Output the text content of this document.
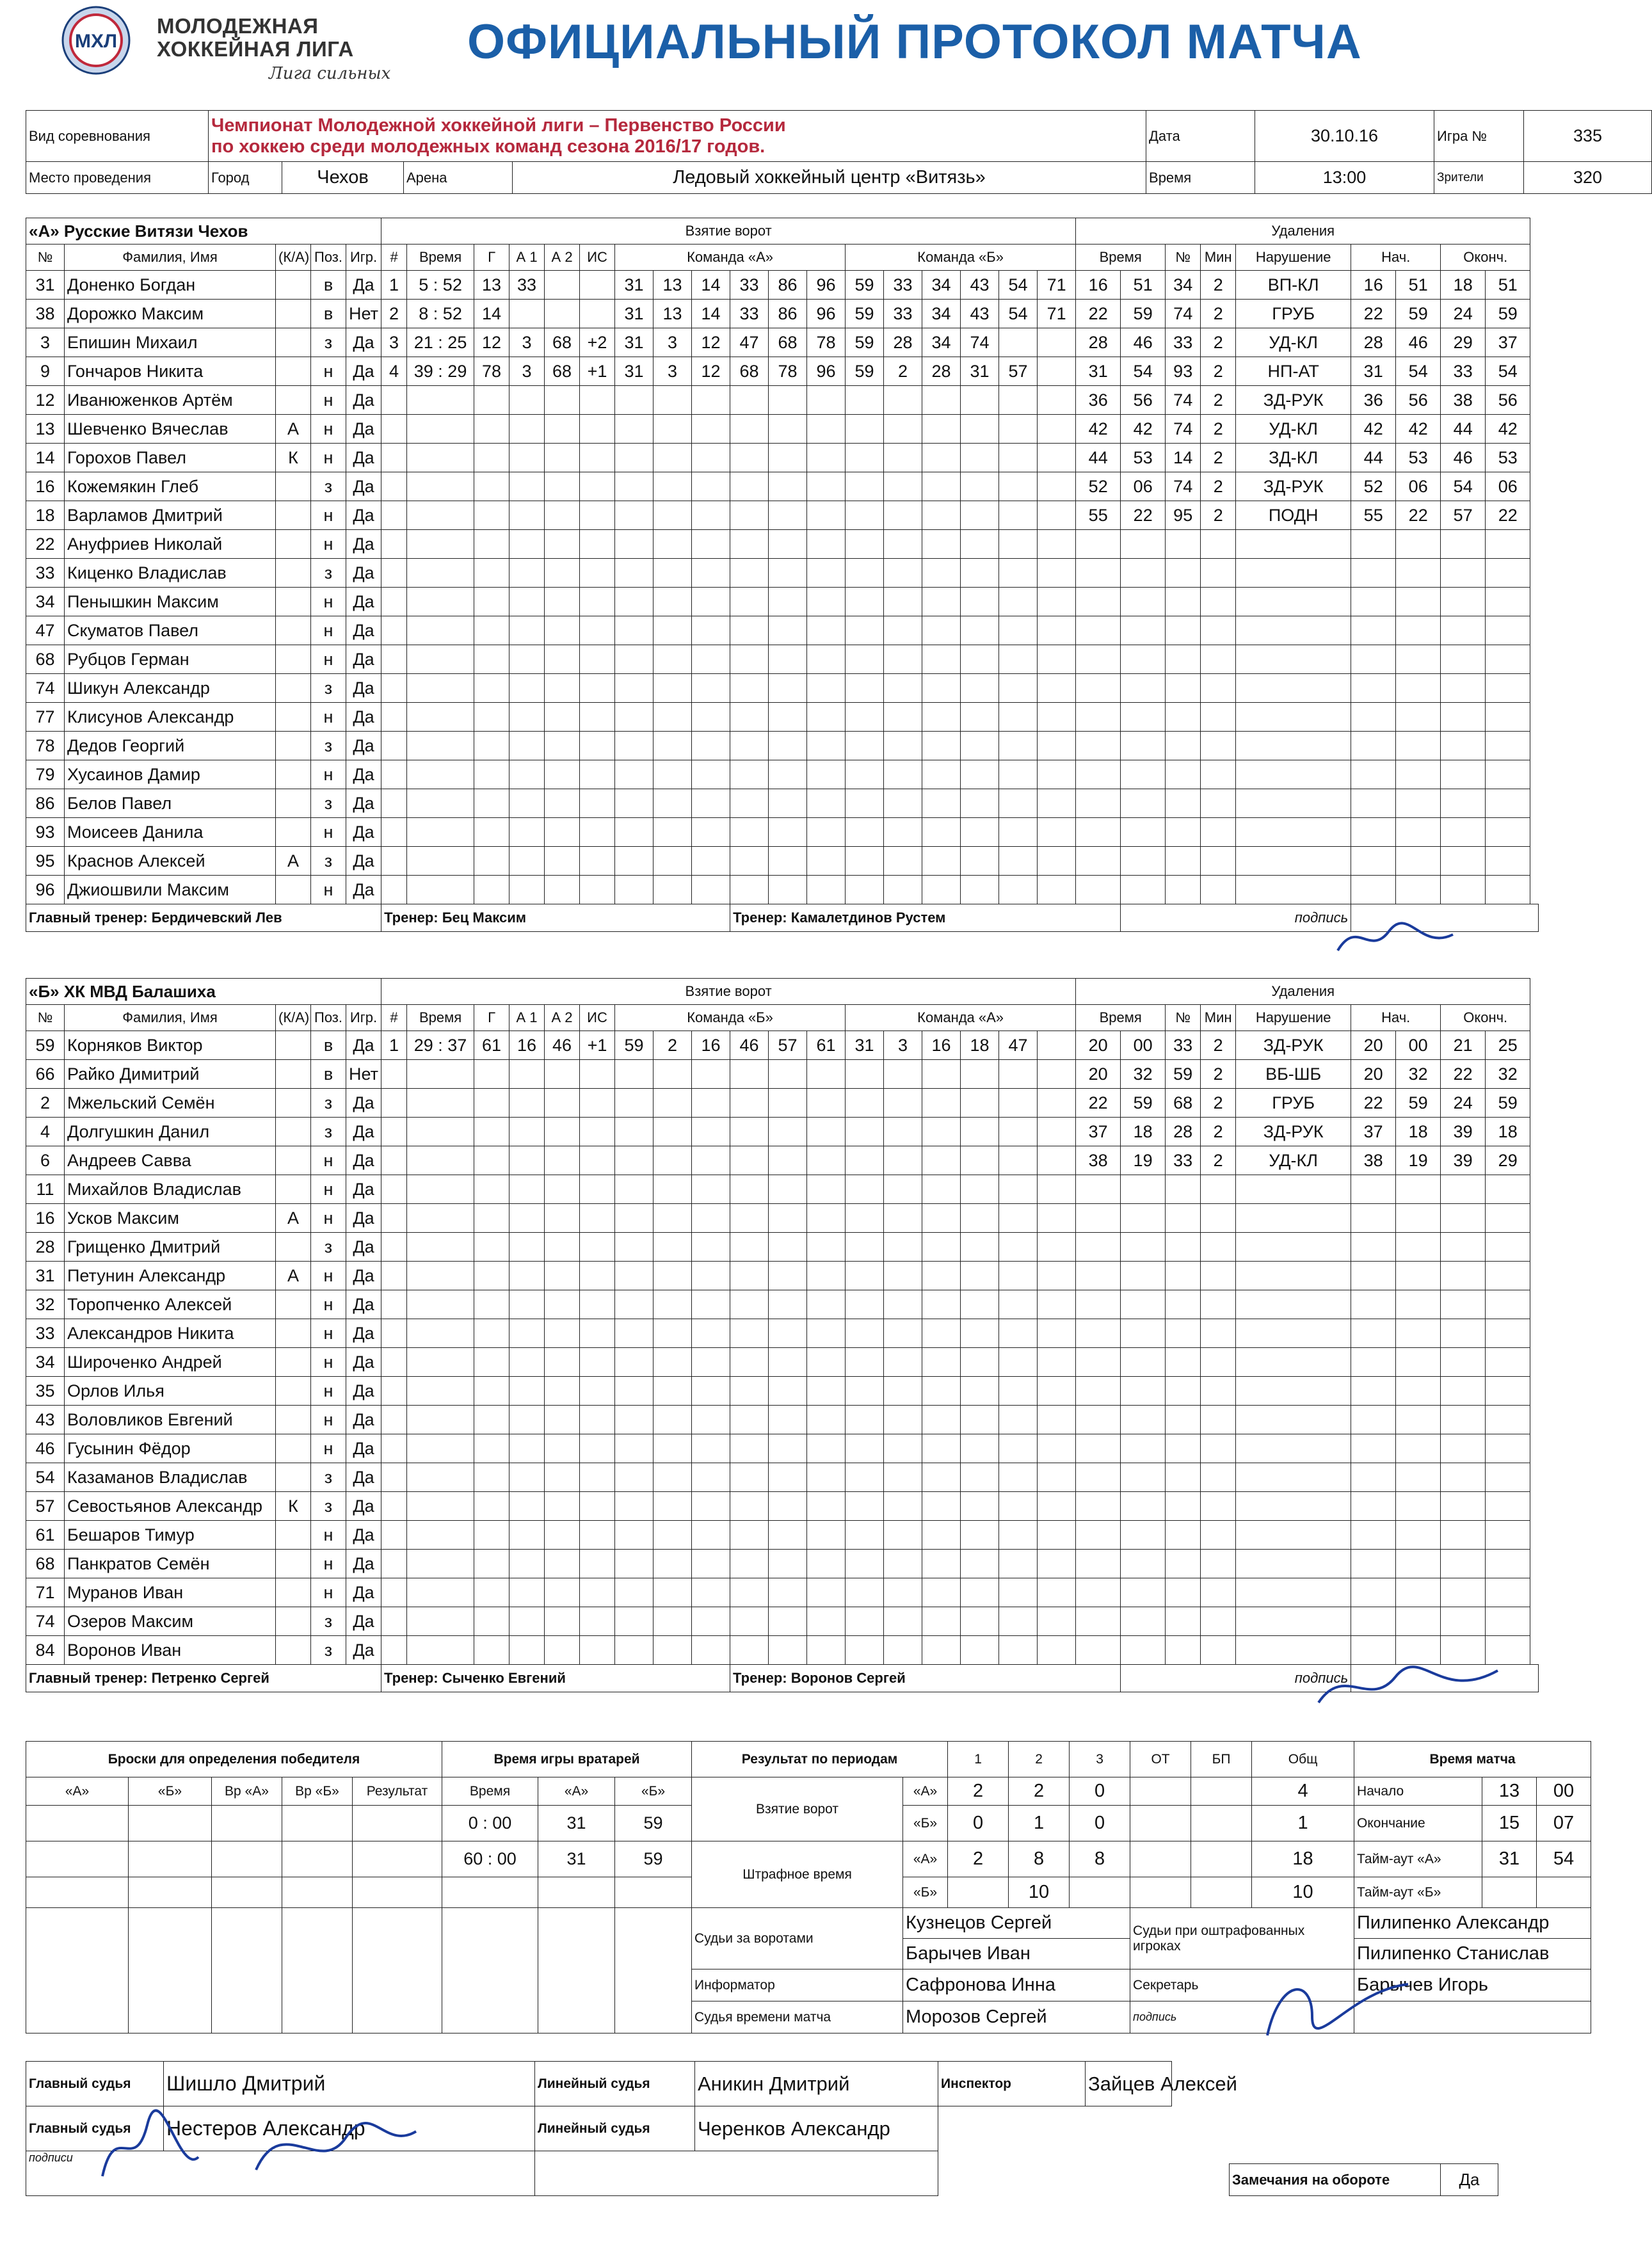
МХЛ
МОЛОДЕЖНАЯ
ХОККЕЙНАЯ ЛИГА
Лига сильных
ОФИЦИАЛЬНЫЙ ПРОТОКОЛ МАТЧА
Вид соревнования	Чемпионат Молодежной хоккейной лиги – Первенство России
по хоккею среди молодежных команд сезона 2016/17 годов.				Дата	30.10.16	Игра №	335
Место проведения	Город	Чехов	Арена	Ледовый хоккейный центр «Витязь»	Время	13:00	Зрители	320
«А» Русские Витязи Чехов					Взятие ворот																		Удаления								
№	Фамилия, Имя	(К/А)	Поз.	Игр.	#	Время	Г	А 1	А 2	ИС	Команда «А»						Команда «Б»						Время		№	Мин	Нарушение	Нач.		Оконч.	
31	Доненко Богдан		в	Да	1	5 : 52	13	33			31	13	14	33	86	96	59	33	34	43	54	71	16	51	34	2	ВП-КЛ	16	51	18	51
38	Дорожко Максим		в	Нет	2	8 : 52	14				31	13	14	33	86	96	59	33	34	43	54	71	22	59	74	2	ГРУБ	22	59	24	59
3	Епишин Михаил		з	Да	3	21 : 25	12	3	68	+2	31	3	12	47	68	78	59	28	34	74			28	46	33	2	УД-КЛ	28	46	29	37
9	Гончаров Никита		н	Да	4	39 : 29	78	3	68	+1	31	3	12	68	78	96	59	2	28	31	57		31	54	93	2	НП-АТ	31	54	33	54
12	Иванюженков Артём		н	Да																			36	56	74	2	ЗД-РУК	36	56	38	56
13	Шевченко Вячеслав	А	н	Да																			42	42	74	2	УД-КЛ	42	42	44	42
14	Горохов Павел	К	н	Да																			44	53	14	2	ЗД-КЛ	44	53	46	53
16	Кожемякин Глеб		з	Да																			52	06	74	2	ЗД-РУК	52	06	54	06
18	Варламов Дмитрий		н	Да																			55	22	95	2	ПОДН	55	22	57	22
22	Ануфриев Николай		н	Да																											
33	Киценко Владислав		з	Да																											
34	Пенышкин Максим		н	Да																											
47	Скуматов Павел		н	Да																											
68	Рубцов Герман		н	Да																											
74	Шикун Александр		з	Да																											
77	Клисунов Александр		н	Да																											
78	Дедов Георгий		з	Да																											
79	Хусаинов Дамир		н	Да																											
86	Белов Павел		з	Да																											
93	Моисеев Данила		н	Да																											
95	Краснов Алексей	А	з	Да																											
96	Джиошвили Максим		н	Да																											
Главный тренер: Бердичевский Лев					Тренер: Бец Максим									Тренер: Камалетдинов Рустем										подпись							
«Б» ХК МВД Балашиха					Взятие ворот																		Удаления								
№	Фамилия, Имя	(К/А)	Поз.	Игр.	#	Время	Г	А 1	А 2	ИС	Команда «Б»						Команда «А»						Время		№	Мин	Нарушение	Нач.		Оконч.	
59	Корняков Виктор		в	Да	1	29 : 37	61	16	46	+1	59	2	16	46	57	61	31	3	16	18	47		20	00	33	2	ЗД-РУК	20	00	21	25
66	Райко Димитрий		в	Нет																			20	32	59	2	ВБ-ШБ	20	32	22	32
2	Мжельский Семён		з	Да																			22	59	68	2	ГРУБ	22	59	24	59
4	Долгушкин Данил		з	Да																			37	18	28	2	ЗД-РУК	37	18	39	18
6	Андреев Савва		н	Да																			38	19	33	2	УД-КЛ	38	19	39	29
11	Михайлов Владислав		н	Да																											
16	Усков Максим	А	н	Да																											
28	Грищенко Дмитрий		з	Да																											
31	Петунин Александр	А	н	Да																											
32	Торопченко Алексей		н	Да																											
33	Александров Никита		н	Да																											
34	Широченко Андрей		н	Да																											
35	Орлов Илья		н	Да																											
43	Воловликов Евгений		н	Да																											
46	Гусынин Фёдор		н	Да																											
54	Казаманов Владислав		з	Да																											
57	Севостьянов Александр	К	з	Да																											
61	Бешаров Тимур		н	Да																											
68	Панкратов Семён		н	Да																											
71	Муранов Иван		н	Да																											
74	Озеров Максим		з	Да																											
84	Воронов Иван		з	Да																											
Главный тренер: Петренко Сергей					Тренер: Сыченко Евгений									Тренер: Воронов Сергей										подпись							
Броски для определения победителя					Время игры вратарей			Результат по периодам		1	2	3	ОТ	БП	Общ	Время матча		
«А»	«Б»	Вр «А»	Вр «Б»	Результат	Время	«А»	«Б»	Взятие ворот	«А»	2	2	0			4	Начало	13	00
					0 : 00	31	59		«Б»	0	1	0			1	Окончание	15	07
					60 : 00	31	59	Штрафное время	«А»	2	8	8			18	Тайм-аут «А»	31	54
									«Б»		10				10	Тайм-аут «Б»		
								Судьи за воротами	Кузнецов Сергей				Судьи при оштрафованных игроках			Пилипенко Александр		
									Барычев Иван							Пилипенко Станислав		
								Информатор	Сафронова Инна				Секретарь			Барычев Игорь		
								Судья времени матча	Морозов Сергей				подпись					
Главный судья	Шишло Дмитрий	Линейный судья	Аникин Дмитрий	Инспектор	Зайцев Алексей
Главный судья	Нестеров Александр	Линейный судья	Черенков Александр		
подписи					
Замечания на обороте	Да
